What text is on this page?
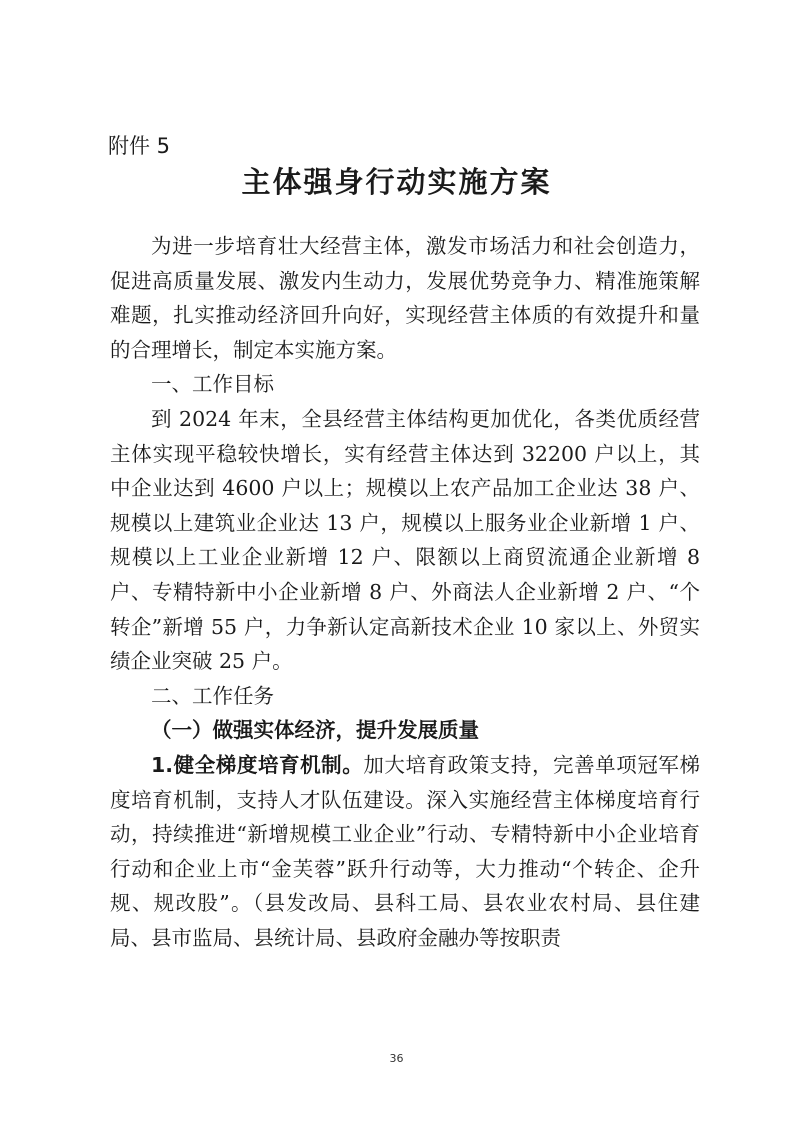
附件 5
主体强身行动实施方案

为进一步培育壮大经营主体，激发市场活力和社会创造力，促进高质量发展、激发内生动力，发展优势竞争力、精准施策解难题，扎实推动经济回升向好，实现经营主体质的有效提升和量的合理增长，制定本实施方案。

一、工作目标

到 2024 年末，全县经营主体结构更加优化，各类优质经营主体实现平稳较快增长，实有经营主体达到 32200 户以上，其中企业达到 4600 户以上；规模以上农产品加工企业达 38 户、规模以上建筑业企业达 13 户，规模以上服务业企业新增 1 户、规模以上工业企业新增 12 户、限额以上商贸流通企业新增 8 户、专精特新中小企业新增 8 户、外商法人企业新增 2 户、“个转企”新增 55 户，力争新认定高新技术企业 10 家以上、外贸实绩企业突破 25 户。

二、工作任务

（一）做强实体经济，提升发展质量

1.健全梯度培育机制。加大培育政策支持，完善单项冠军梯度培育机制，支持人才队伍建设。深入实施经营主体梯度培育行动，持续推进“新增规模工业企业”行动、专精特新中小企业培育行动和企业上市“金芙蓉”跃升行动等，大力推动“个转企、企升规、规改股”。（县发改局、县科工局、县农业农村局、县住建局、县市监局、县统计局、县政府金融办等按职责

36
